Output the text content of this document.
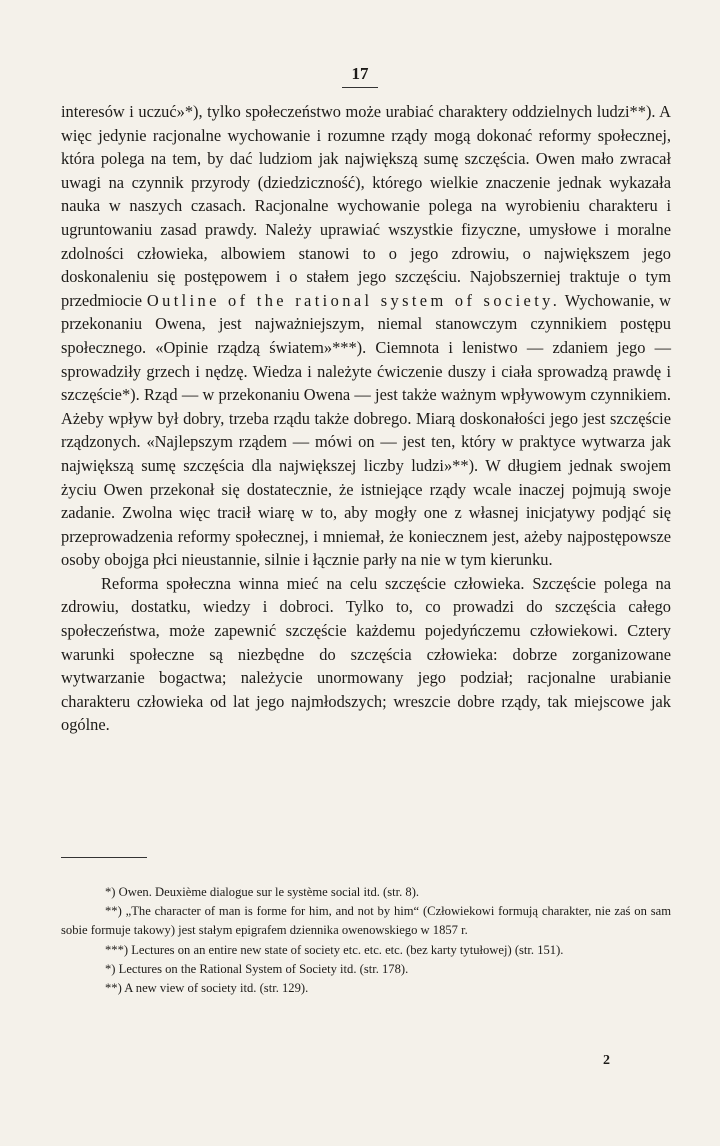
17

interesów i uczuć»*), tylko społeczeństwo może urabiać charaktery oddzielnych ludzi**). A więc jedynie racjonalne wychowanie i rozumne rządy mogą dokonać reformy społecznej, która polega na tem, by dać ludziom jak największą sumę szczęścia. Owen mało zwracał uwagi na czynnik przyrody (dziedziczność), którego wielkie znaczenie jednak wykazała nauka w naszych czasach. Racjonalne wychowanie polega na wyrobieniu charakteru i ugruntowaniu zasad prawdy. Należy uprawiać wszystkie fizyczne, umysłowe i moralne zdolności człowieka, albowiem stanowi to o jego zdrowiu, o największem jego doskonaleniu się postępowem i o stałem jego szczęściu. Najobszerniej traktuje o tym przedmiocie Outline of the rational system of society. Wychowanie, w przekonaniu Owena, jest najważniejszym, niemal stanowczym czynnikiem postępu społecznego. «Opinie rządzą światem»***). Ciemnota i lenistwo — zdaniem jego — sprowadziły grzech i nędzę. Wiedza i należyte ćwiczenie duszy i ciała sprowadzą prawdę i szczęście*). Rząd — w przekonaniu Owena — jest także ważnym wpływowym czynnikiem. Ażeby wpływ był dobry, trzeba rządu także dobrego. Miarą doskonałości jego jest szczęście rządzonych. «Najlepszym rządem — mówi on — jest ten, który w praktyce wytwarza jak największą sumę szczęścia dla największej liczby ludzi»**). W długiem jednak swojem życiu Owen przekonał się dostatecznie, że istniejące rządy wcale inaczej pojmują swoje zadanie. Zwolna więc tracił wiarę w to, aby mogły one z własnej inicjatywy podjąć się przeprowadzenia reformy społecznej, i mniemał, że koniecznem jest, ażeby najpostępowsze osoby obojga płci nieustannie, silnie i łącznie parły na nie w tym kierunku.

Reforma społeczna winna mieć na celu szczęście człowieka. Szczęście polega na zdrowiu, dostatku, wiedzy i dobroci. Tylko to, co prowadzi do szczęścia całego społeczeństwa, może zapewnić szczęście każdemu pojedyńczemu człowiekowi. Cztery warunki społeczne są niezbędne do szczęścia człowieka: dobrze zorganizowane wytwarzanie bogactwa; należycie unormowany jego podział; racjonalne urabianie charakteru człowieka od lat jego najmłodszych; wreszcie dobre rządy, tak miejscowe jak ogólne.

*) Owen. Deuxième dialogue sur le système social itd. (str. 8).

**) „The character of man is forme for him, and not by him“ (Człowiekowi formują charakter, nie zaś on sam sobie formuje takowy) jest stałym epigrafem dziennika owenowskiego w 1857 r.

***) Lectures on an entire new state of society etc. etc. etc. (bez karty tytułowej) (str. 151).

*) Lectures on the Rational System of Society itd. (str. 178).

**) A new view of society itd. (str. 129).

2
